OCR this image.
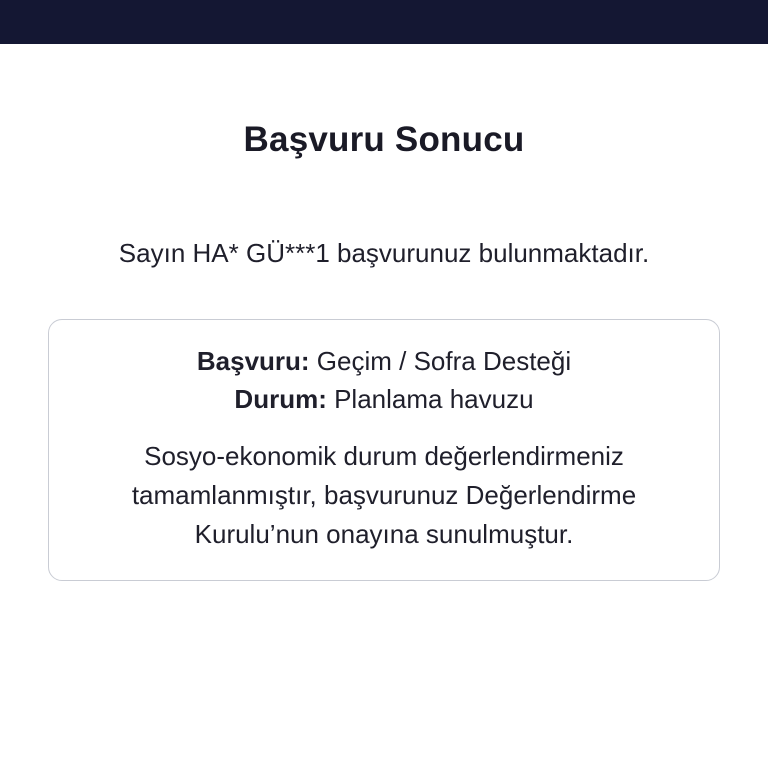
Başvuru Sonucu
Sayın HA* GÜ***1 başvurunuz bulunmaktadır.
Başvuru: Geçim / Sofra Desteği
Durum: Planlama havuzu
Sosyo-ekonomik durum değerlendirmeniz tamamlanmıştır, başvurunuz Değerlendirme Kurulu’nun onayına sunulmuştur.
